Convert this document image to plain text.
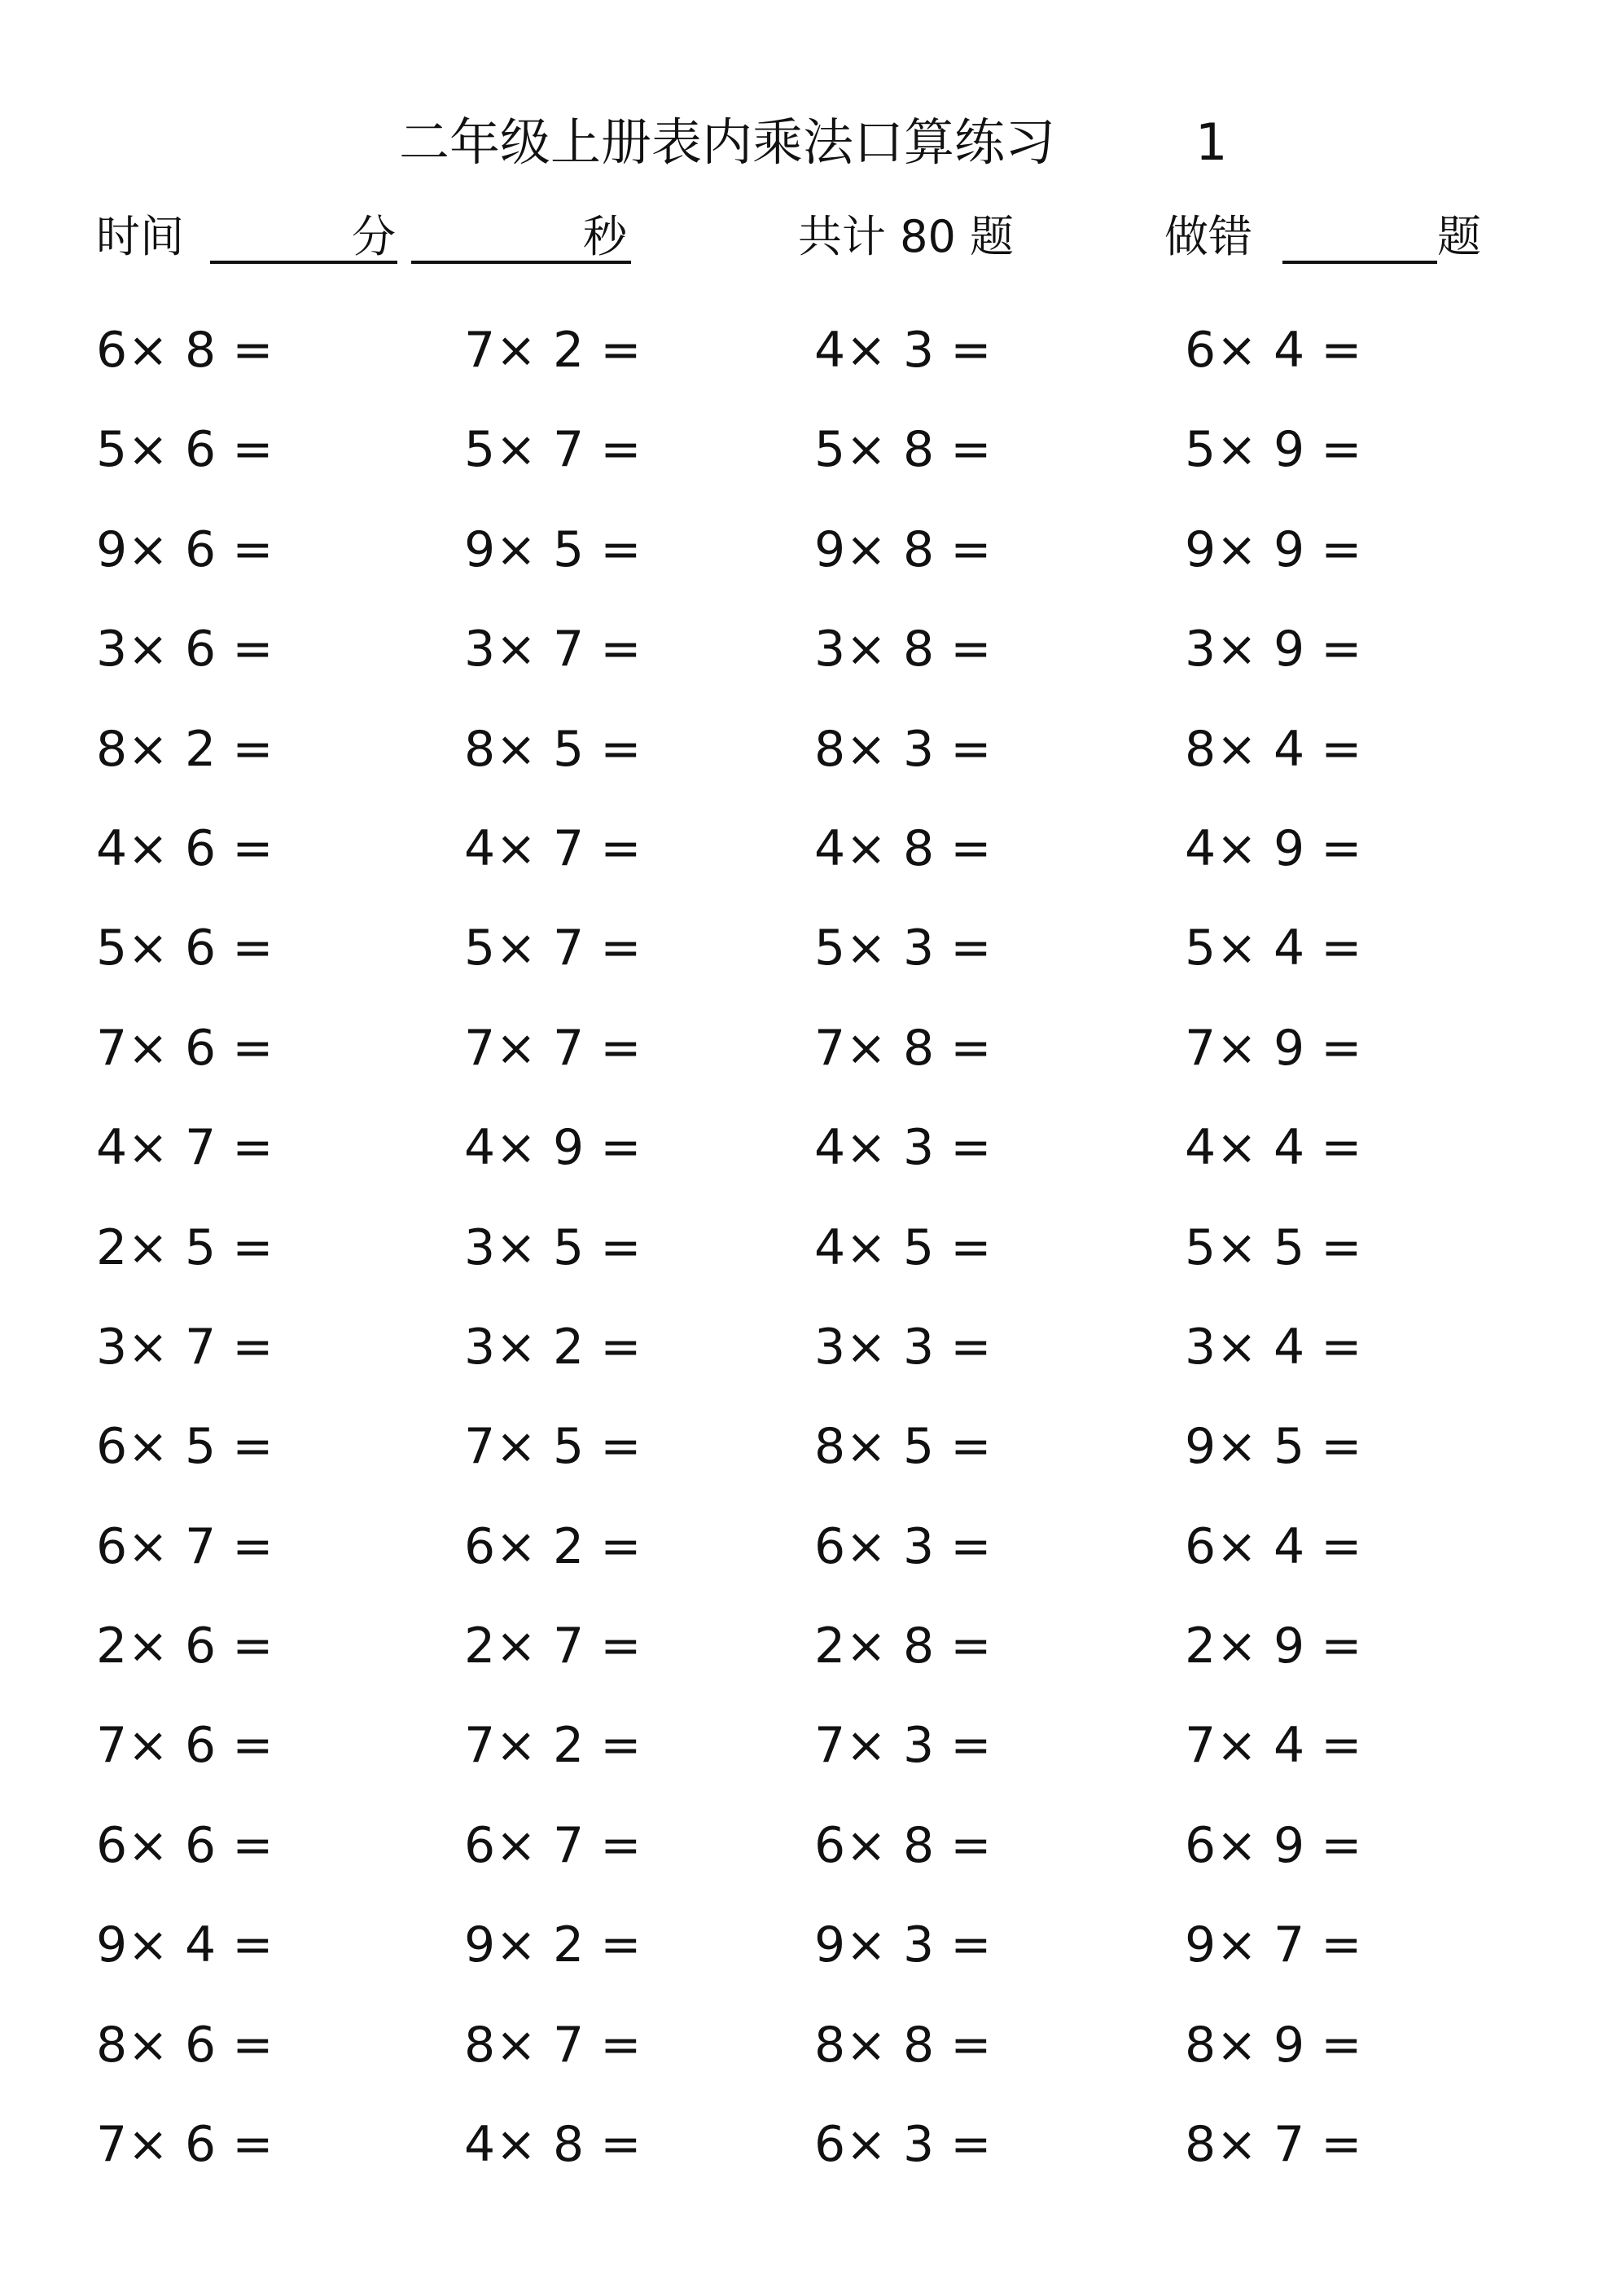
二年级上册表内乘法口算练习	1
时间	分	秒	共计 80 题	做错	题
6× 8 =	7× 2 =	4× 3 =	6× 4 =
5× 6 =	5× 7 =	5× 8 =	5× 9 =
9× 6 =	9× 5 =	9× 8 =	9× 9 =
3× 6 =	3× 7 =	3× 8 =	3× 9 =
8× 2 =	8× 5 =	8× 3 =	8× 4 =
4× 6 =	4× 7 =	4× 8 =	4× 9 =
5× 6 =	5× 7 =	5× 3 =	5× 4 =
7× 6 =	7× 7 =	7× 8 =	7× 9 =
4× 7 =	4× 9 =	4× 3 =	4× 4 =
2× 5 =	3× 5 =	4× 5 =	5× 5 =
3× 7 =	3× 2 =	3× 3 =	3× 4 =
6× 5 =	7× 5 =	8× 5 =	9× 5 =
6× 7 =	6× 2 =	6× 3 =	6× 4 =
2× 6 =	2× 7 =	2× 8 =	2× 9 =
7× 6 =	7× 2 =	7× 3 =	7× 4 =
6× 6 =	6× 7 =	6× 8 =	6× 9 =
9× 4 =	9× 2 =	9× 3 =	9× 7 =
8× 6 =	8× 7 =	8× 8 =	8× 9 =
7× 6 =	4× 8 =	6× 3 =	8× 7 =
